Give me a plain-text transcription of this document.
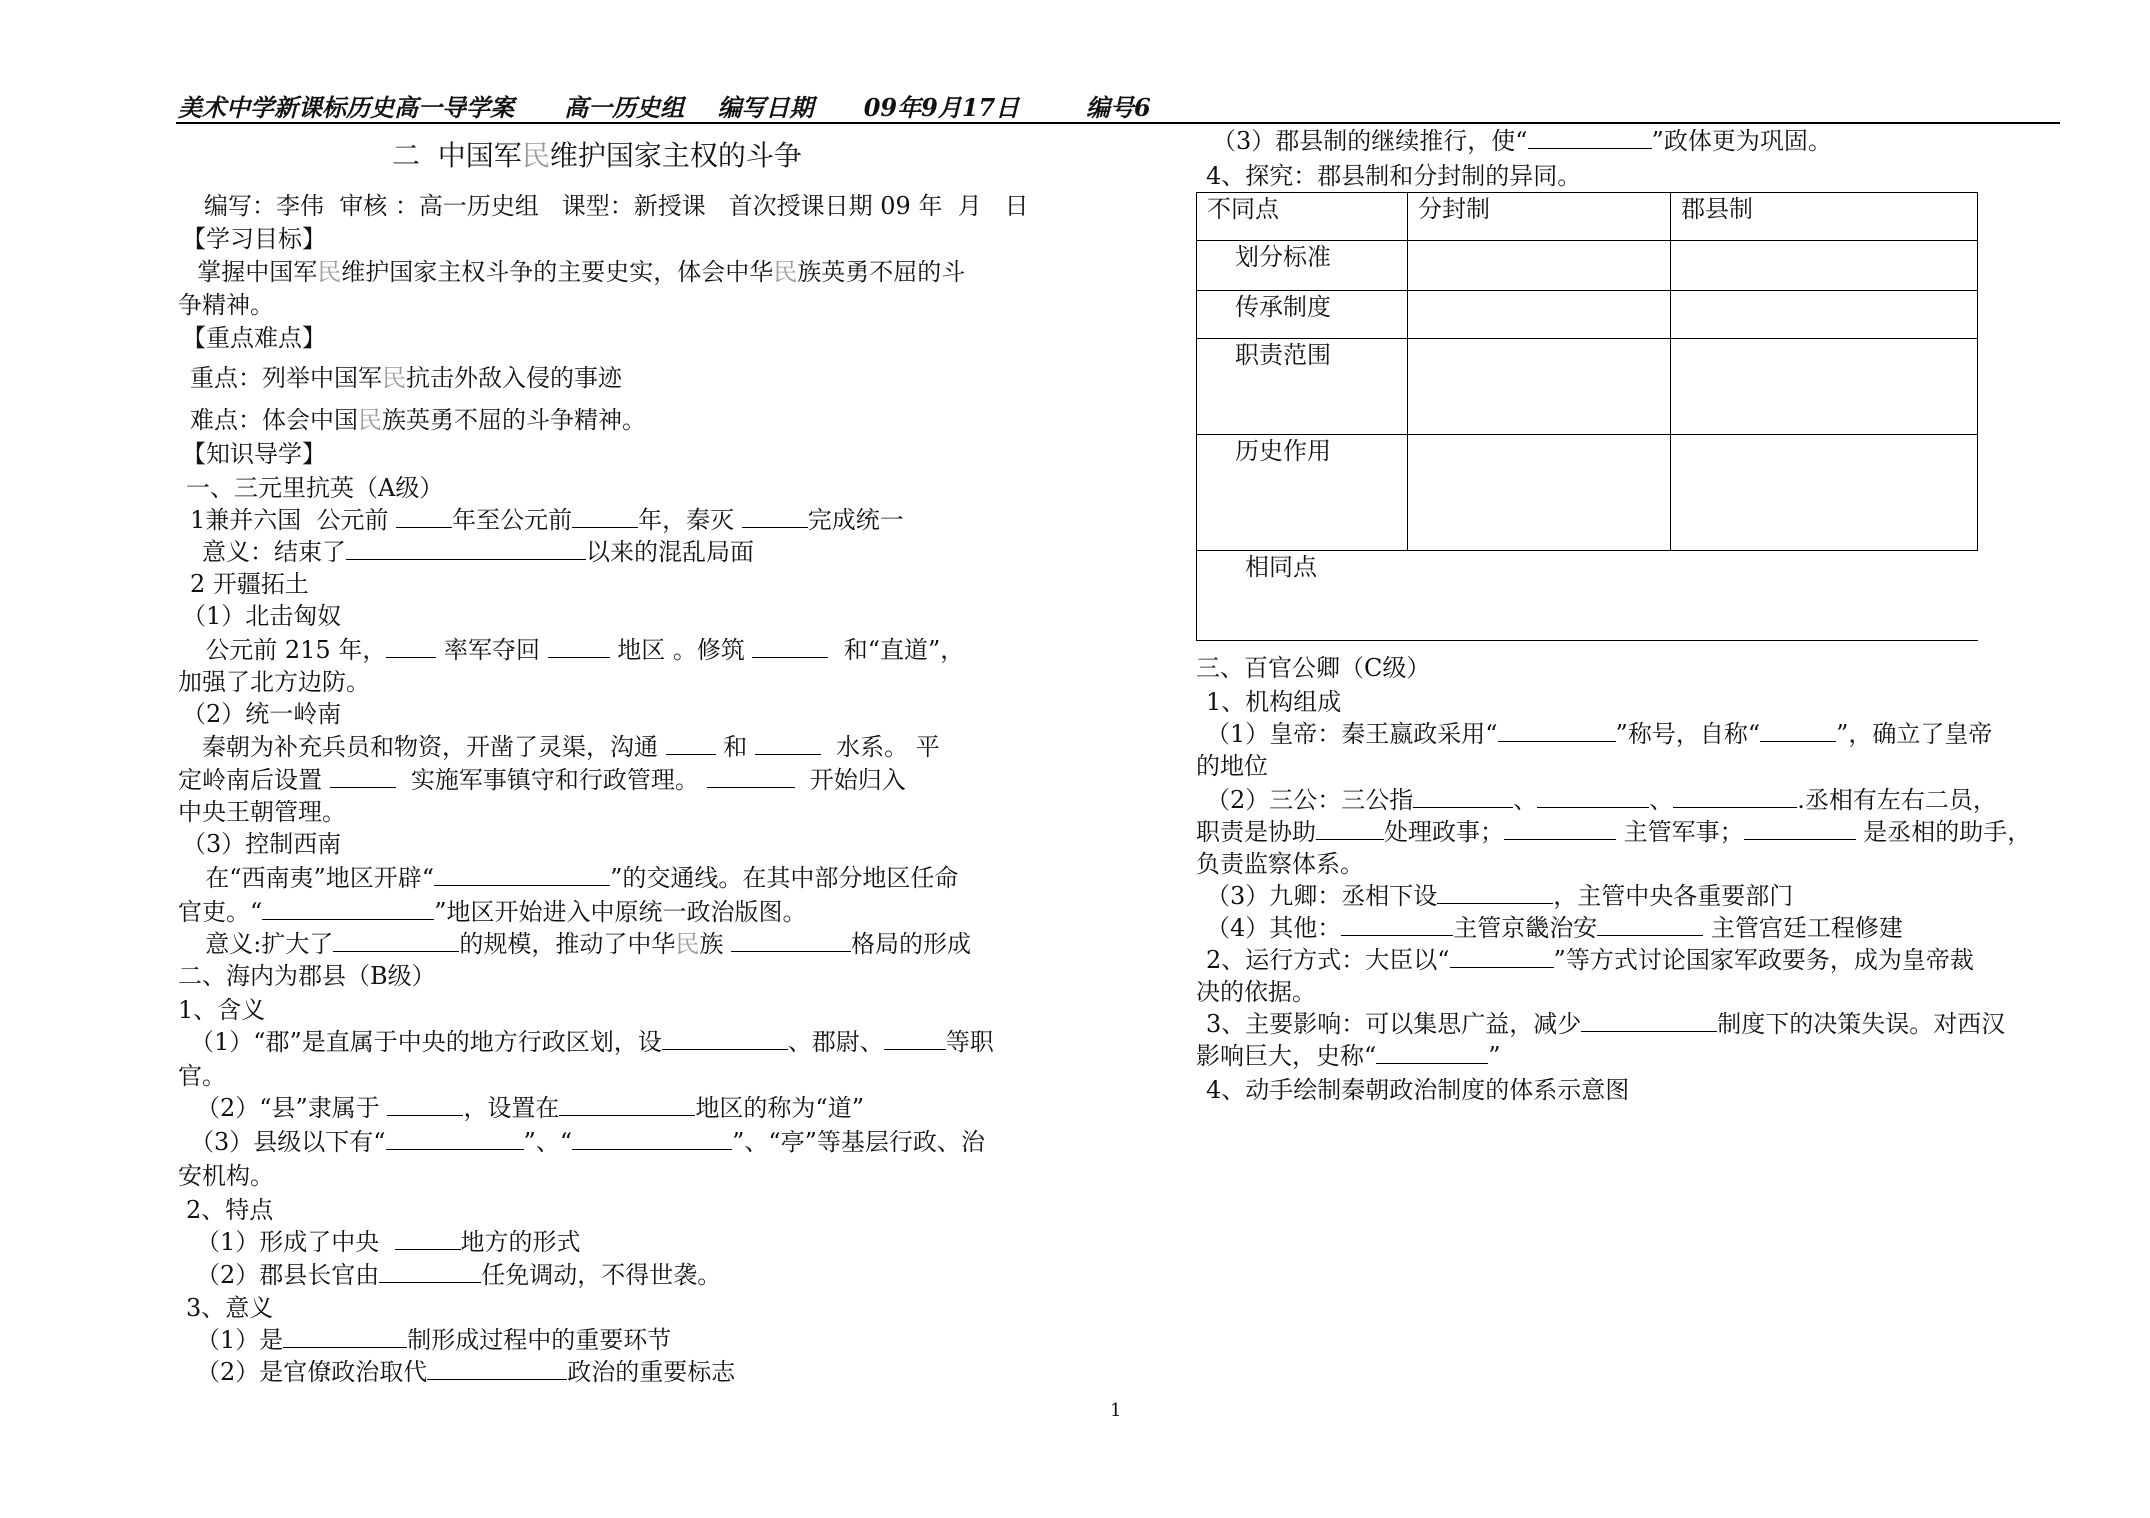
美术中学新课标历史高一导学案 高一历史组 编写日期 09年9月17日	编号6
二  中国军民维护国家主权的斗争
编写：李伟  审核 ：高一历史组   课型：新授课   首次授课日期 09 年  月   日
【学习目标】
掌握中国军民维护国家主权斗争的主要史实，体会中华民族英勇不屈的斗
争精神。
【重点难点】
重点：列举中国军民抗击外敌入侵的事迹
难点：体会中国民族英勇不屈的斗争精神。
【知识导学】
一、三元里抗英（A级）
1兼并六国  公元前 年至公元前	年，秦灭	完成统一
意义：结束了	以来的混乱局面
2 开疆拓土
（1）北击匈奴
公元前 215 年， 率军夺回	地区 。修筑	和“直道”，
加强了北方边防。
（2）统一岭南
秦朝为补充兵员和物资，开凿了灵渠，沟通  和	水系。 平
定岭南后设置	实施军事镇守和行政管理。	开始归入
中央王朝管理。
（3）控制西南
在“西南夷”地区开辟“	”的交通线。在其中部分地区任命
官吏。“	”地区开始进入中原统一政治版图。
意义:扩大了	的规模，推动了中华民族	格局的形成
二、海内为郡县（B级）
1、含义
（1）“郡”是直属于中央的地方行政区划，设	、郡尉、	等职
官。
（2）“县”隶属于	，设置在	地区的称为“道”
（3）县级以下有“	”、“	”、“亭”等基层行政、治
安机构。
2、特点
（1）形成了中央	地方的形式
（2）郡县长官由	任免调动，不得世袭。
3、意义
（1）是	制形成过程中的重要环节
（2）是官僚政治取代	政治的重要标志
（3）郡县制的继续推行，使“	”政体更为巩固。
4、探究：郡县制和分封制的异同。
不同点	分封制	郡县制
划分标准		
传承制度		
职责范围		
历史作用		
相同点		
三、百官公卿（C级）
1、机构组成
（1）皇帝：秦王嬴政采用“	”称号，自称“	”，确立了皇帝
的地位
（2）三公：三公指	、	、	.丞相有左右二员，
职责是协助	处理政事；	主管军事；	是丞相的助手，
负责监察体系。
（3）九卿：丞相下设	，主管中央各重要部门
（4）其他：	主管京畿治安	主管宫廷工程修建
2、运行方式：大臣以“	”等方式讨论国家军政要务，成为皇帝裁
决的依据。
3、主要影响：可以集思广益，减少	制度下的决策失误。对西汉
影响巨大，史称“	”
4、动手绘制秦朝政治制度的体系示意图
1
